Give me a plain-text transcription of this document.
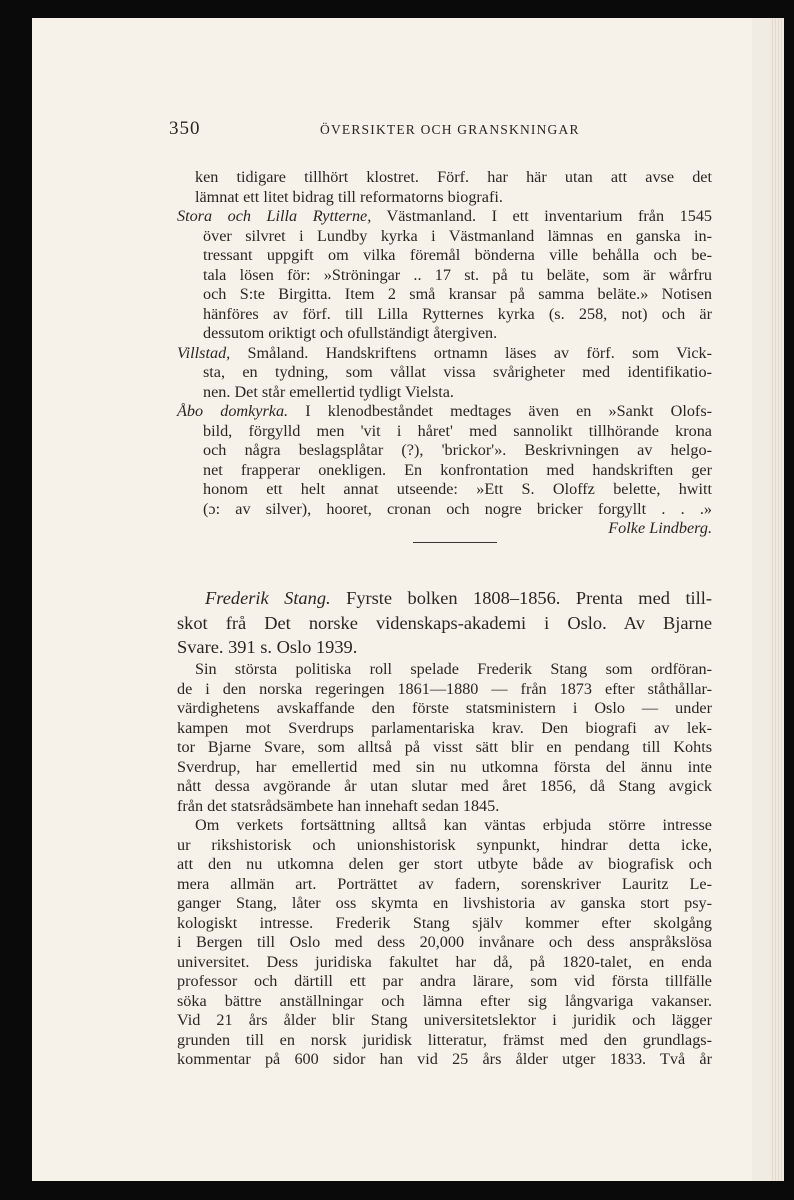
350	ÖVERSIKTER OCH GRANSKNINGAR
ken tidigare tillhört klostret. Förf. har här utan att avse det
lämnat ett litet bidrag till reformatorns biografi.
Stora och Lilla Rytterne, Västmanland. I ett inventarium från 1545
över silvret i Lundby kyrka i Västmanland lämnas en ganska in-
tressant uppgift om vilka föremål bönderna ville behålla och be-
tala lösen för: »Ströningar .. 17 st. på tu beläte, som är wårfru
och S:te Birgitta. Item 2 små kransar på samma beläte.» Notisen
hänföres av förf. till Lilla Rytternes kyrka (s. 258, not) och är
dessutom oriktigt och ofullständigt återgiven.
Villstad, Småland. Handskriftens ortnamn läses av förf. som Vick-
sta, en tydning, som vållat vissa svårigheter med identifikatio-
nen. Det står emellertid tydligt Vielsta.
Åbo domkyrka. I klenodbeståndet medtages även en »Sankt Olofs-
bild, förgylld men 'vit i håret' med sannolikt tillhörande krona
och några beslagsplåtar (?), 'brickor'». Beskrivningen av helgo-
net frapperar onekligen. En konfrontation med handskriften ger
honom ett helt annat utseende: »Ett S. Oloffz belette, hwitt
(ɔ: av silver), hooret, cronan och nogre bricker forgyllt . . .»
Folke Lindberg.
Frederik Stang. Fyrste bolken 1808–1856. Prenta med till-
skot frå Det norske videnskaps-akademi i Oslo. Av Bjarne
Svare. 391 s. Oslo 1939.
Sin största politiska roll spelade Frederik Stang som ordföran-
de i den norska regeringen 1861—1880 — från 1873 efter ståthållar-
värdighetens avskaffande den förste statsministern i Oslo — under
kampen mot Sverdrups parlamentariska krav. Den biografi av lek-
tor Bjarne Svare, som alltså på visst sätt blir en pendang till Kohts
Sverdrup, har emellertid med sin nu utkomna första del ännu inte
nått dessa avgörande år utan slutar med året 1856, då Stang avgick
från det statsrådsämbete han innehaft sedan 1845.
Om verkets fortsättning alltså kan väntas erbjuda större intresse
ur rikshistorisk och unionshistorisk synpunkt, hindrar detta icke,
att den nu utkomna delen ger stort utbyte både av biografisk och
mera allmän art. Porträttet av fadern, sorenskriver Lauritz Le-
ganger Stang, låter oss skymta en livshistoria av ganska stort psy-
kologiskt intresse. Frederik Stang själv kommer efter skolgång
i Bergen till Oslo med dess 20,000 invånare och dess anspråkslösa
universitet. Dess juridiska fakultet har då, på 1820-talet, en enda
professor och därtill ett par andra lärare, som vid första tillfälle
söka bättre anställningar och lämna efter sig långvariga vakanser.
Vid 21 års ålder blir Stang universitetslektor i juridik och lägger
grunden till en norsk juridisk litteratur, främst med den grundlags-
kommentar på 600 sidor han vid 25 års ålder utger 1833. Två år
